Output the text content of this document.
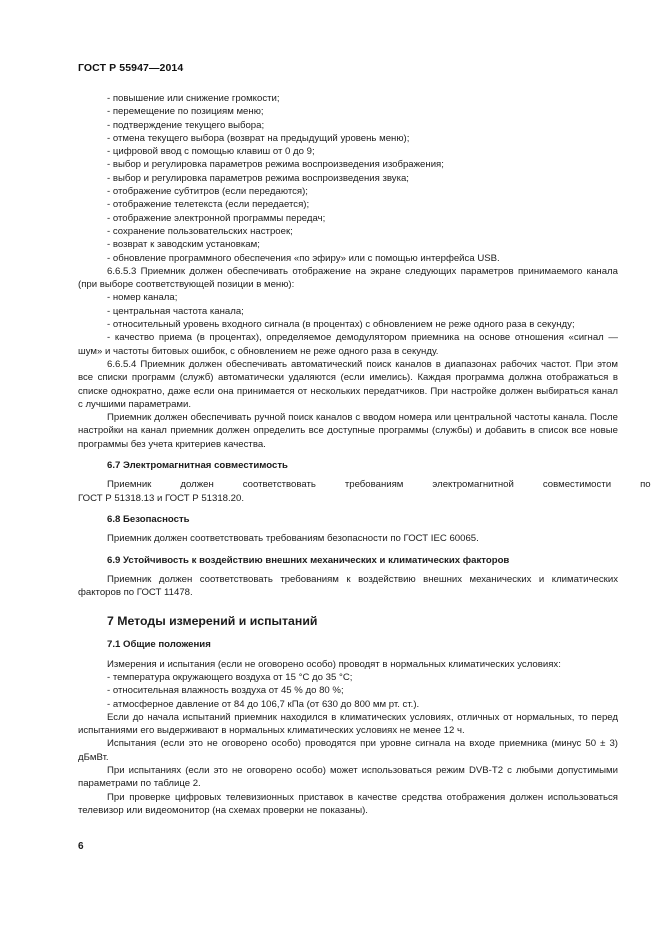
ГОСТ Р 55947—2014

- повышение или снижение громкости;

- перемещение по позициям меню;

- подтверждение текущего выбора;

- отмена текущего выбора (возврат на предыдущий уровень меню);

- цифровой ввод с помощью клавиш от 0 до 9;

- выбор и регулировка параметров режима воспроизведения изображения;

- выбор и регулировка параметров режима воспроизведения звука;

- отображение субтитров (если передаются);

- отображение телетекста (если передается);

- отображение электронной программы передач;

- сохранение пользовательских настроек;

- возврат к заводским установкам;

- обновление программного обеспечения «по эфиру» или с помощью интерфейса USB.

6.6.5.3 Приемник должен обеспечивать отображение на экране следующих параметров принимаемого канала (при выборе соответствующей позиции в меню):

- номер канала;

- центральная частота канала;

- относительный уровень входного сигнала (в процентах) с обновлением не реже одного раза в секунду;

- качество приема (в процентах), определяемое демодулятором приемника на основе отношения «сигнал — шум» и частоты битовых ошибок, с обновлением не реже одного раза в секунду.

6.6.5.4 Приемник должен обеспечивать автоматический поиск каналов в диапазонах рабочих частот. При этом все списки программ (служб) автоматически удаляются (если имелись). Каждая программа должна отображаться в списке однократно, даже если она принимается от нескольких передатчиков. При настройке должен выбираться канал с лучшими параметрами.

Приемник должен обеспечивать ручной поиск каналов с вводом номера или центральной частоты канала. После настройки на канал приемник должен определить все доступные программы (службы) и добавить в список все новые программы без учета критериев качества.

6.7 Электромагнитная совместимость

Приемник	должен	соответствовать	требованиям	электромагнитной	совместимости	по

ГОСТ Р 51318.13 и ГОСТ Р 51318.20.

6.8 Безопасность

Приемник должен соответствовать требованиям безопасности по ГОСТ IEC 60065.

6.9 Устойчивость к воздействию внешних механических и климатических факторов

Приемник должен соответствовать требованиям к воздействию внешних механических и климатических факторов по ГОСТ 11478.

7 Методы измерений и испытаний

7.1 Общие положения

Измерения и испытания (если не оговорено особо) проводят в нормальных климатических условиях:

- температура окружающего воздуха от 15 °С до 35 °С;

- относительная влажность воздуха от 45 % до 80 %;

- атмосферное давление от 84 до 106,7 кПа (от 630 до 800 мм рт. ст.).

Если до начала испытаний приемник находился в климатических условиях, отличных от нормальных, то перед испытаниями его выдерживают в нормальных климатических условиях не менее 12 ч.

Испытания (если это не оговорено особо) проводятся при уровне сигнала на входе приемника (минус 50 ± 3) дБмВт.

При испытаниях (если это не оговорено особо) может использоваться режим DVB-T2 с любыми допустимыми параметрами по таблице 2.

При проверке цифровых телевизионных приставок в качестве средства отображения должен использоваться телевизор или видеомонитор (на схемах проверки не показаны).

6
